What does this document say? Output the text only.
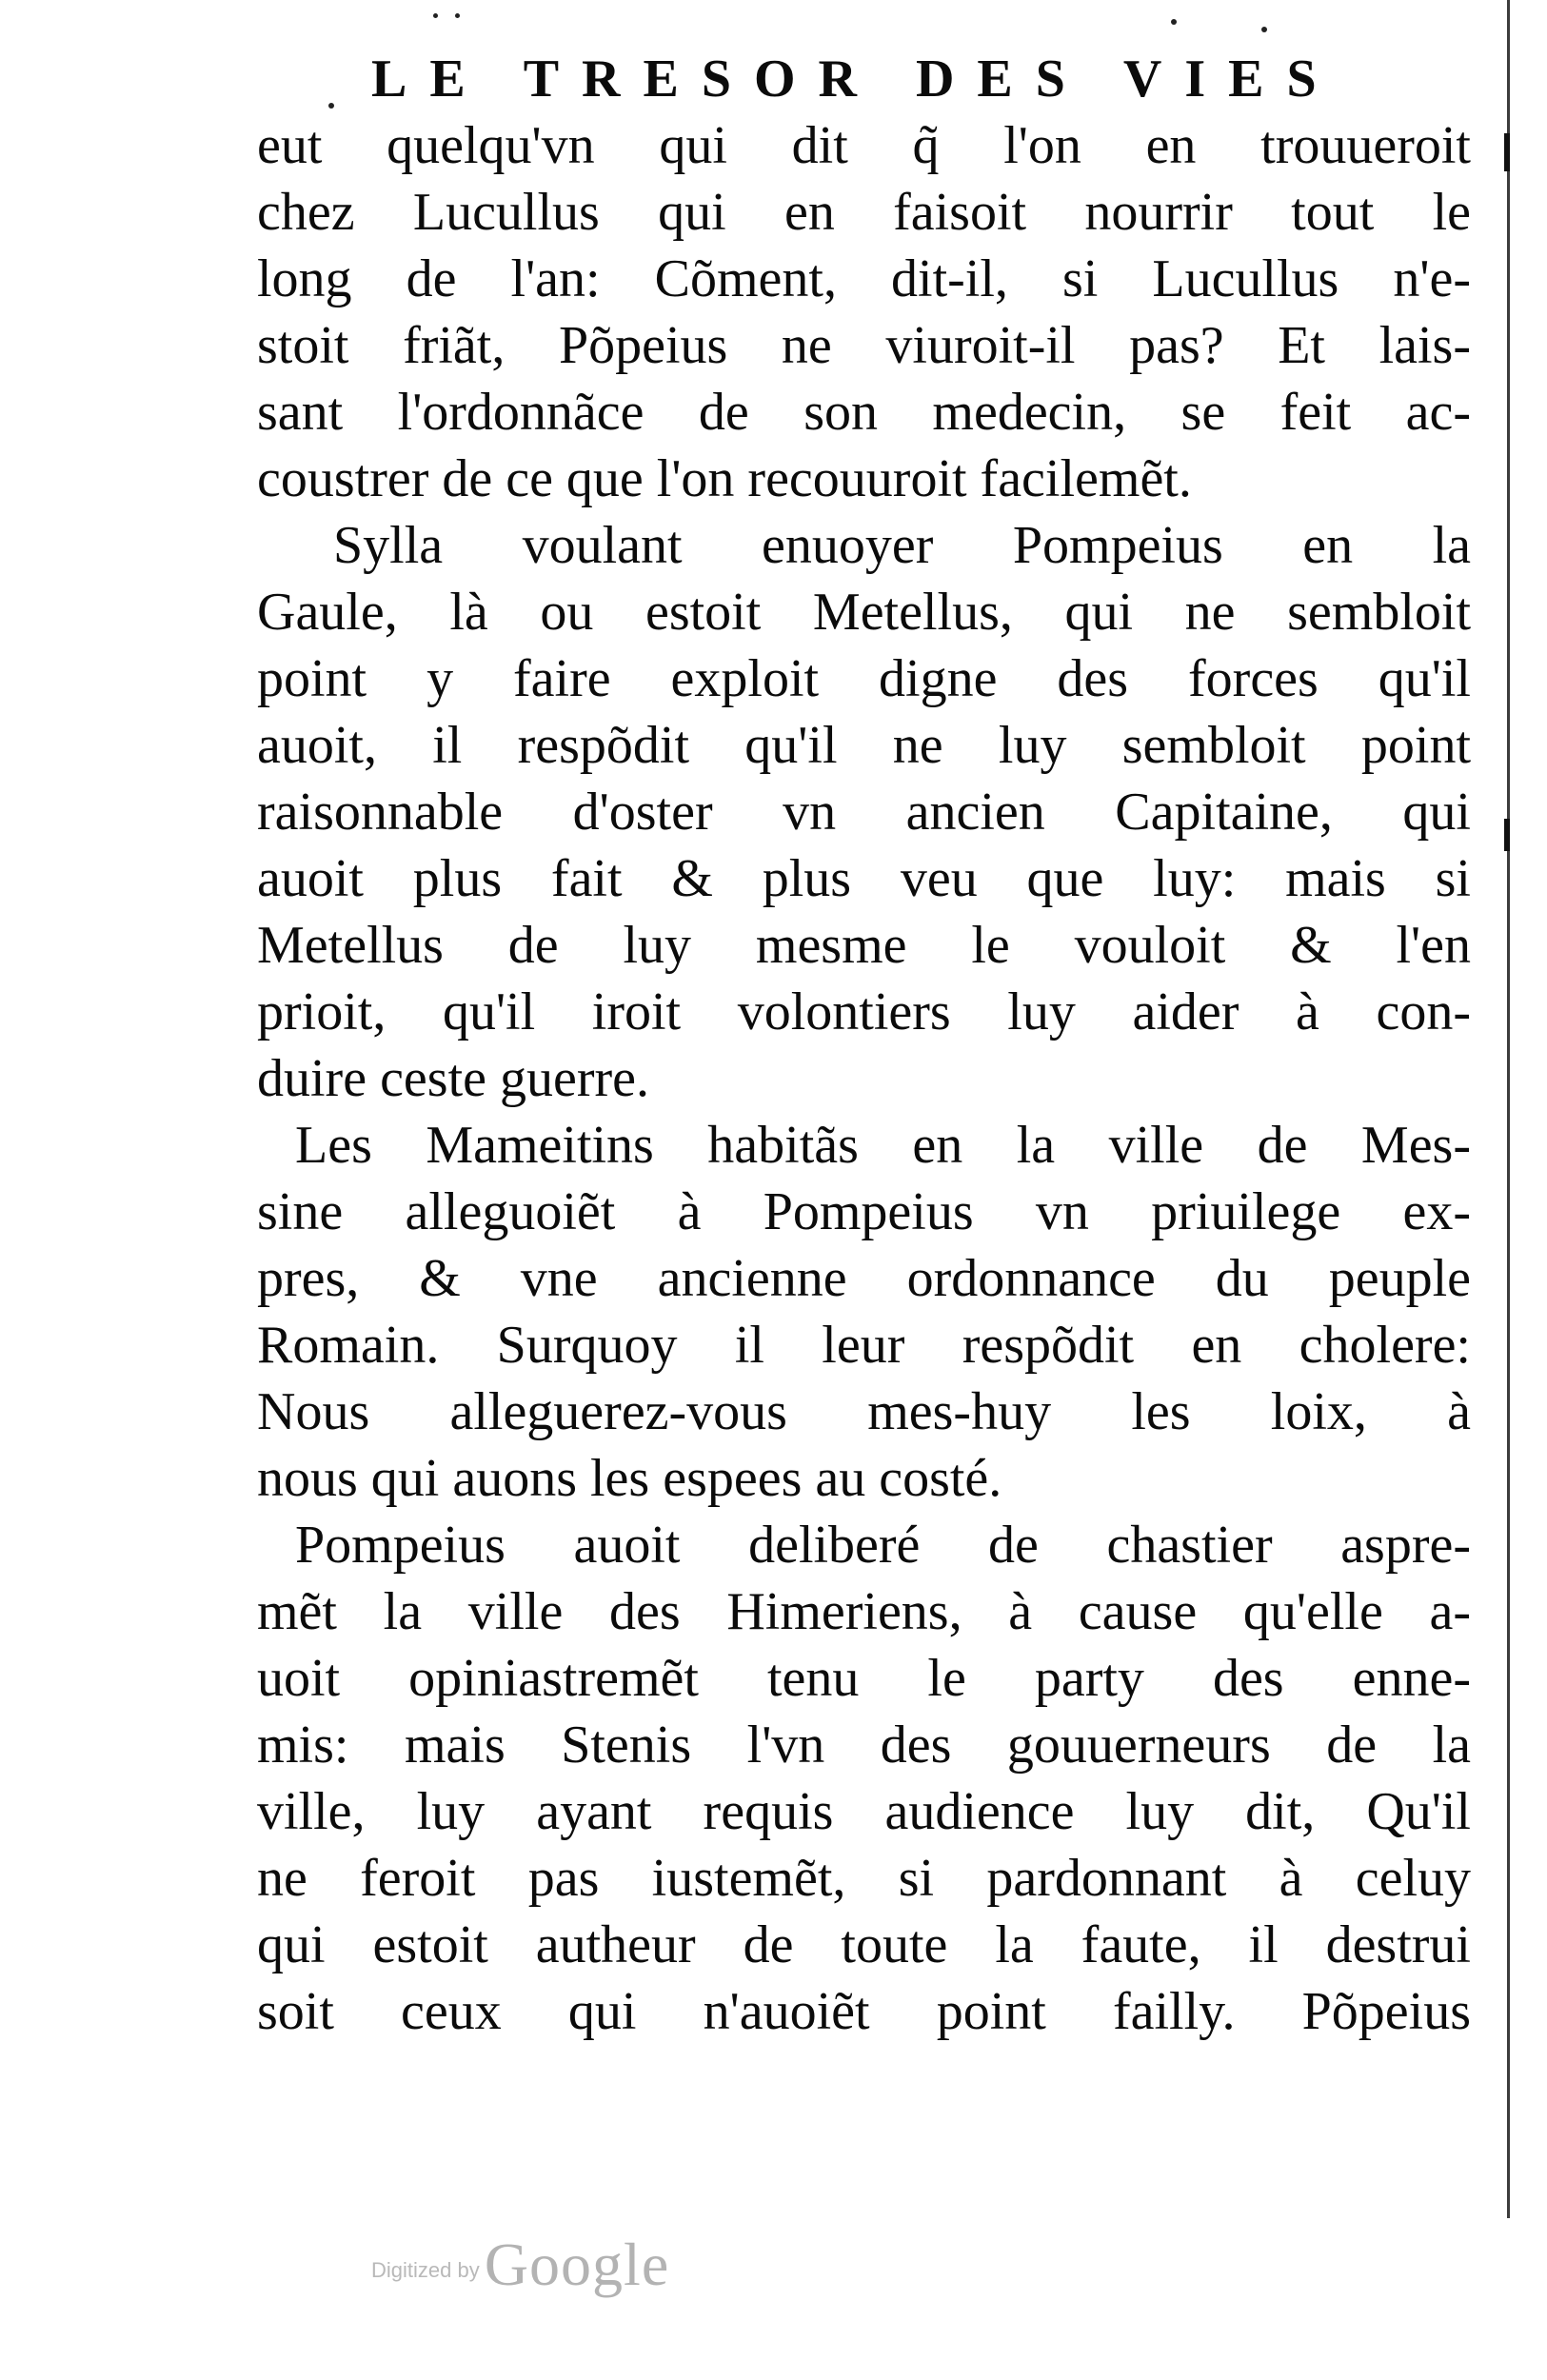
LE TRESOR DES VIES
eut quelqu'vn qui dit q̃ l'on en trouueroit
chez Lucullus qui en faisoit nourrir tout le
long de l'an: Cõment, dit-il, si Lucullus n'e-
stoit friãt, Põpeius ne viuroit-il pas? Et lais-
sant l'ordonnãce de son medecin, se feit ac-
coustrer de ce que l'on recouuroit facilemẽt.
Sylla voulant enuoyer Pompeius en la
Gaule, là ou estoit Metellus, qui ne sembloit
point y faire exploit digne des forces qu'il
auoit, il respõdit qu'il ne luy sembloit point
raisonnable d'oster vn ancien Capitaine, qui
auoit plus fait & plus veu que luy: mais si
Metellus de luy mesme le vouloit & l'en
prioit, qu'il iroit volontiers luy aider à con-
duire ceste guerre.
Les Mameitins habitãs en la ville de Mes-
sine alleguoiẽt à Pompeius vn priuilege ex-
pres, & vne ancienne ordonnance du peuple
Romain. Surquoy il leur respõdit en cholere:
Nous alleguerez-vous mes-huy les loix, à
nous qui auons les espees au costé.
Pompeius auoit deliberé de chastier aspre-
mẽt la ville des Himeriens, à cause qu'elle a-
uoit opiniastremẽt tenu le party des enne-
mis: mais Stenis l'vn des gouuerneurs de la
ville, luy ayant requis audience luy dit, Qu'il
ne feroit pas iustemẽt, si pardonnant à celuy
qui estoit autheur de toute la faute, il destrui
soit ceux qui n'auoiẽt point failly. Põpeius
Digitized by Google
